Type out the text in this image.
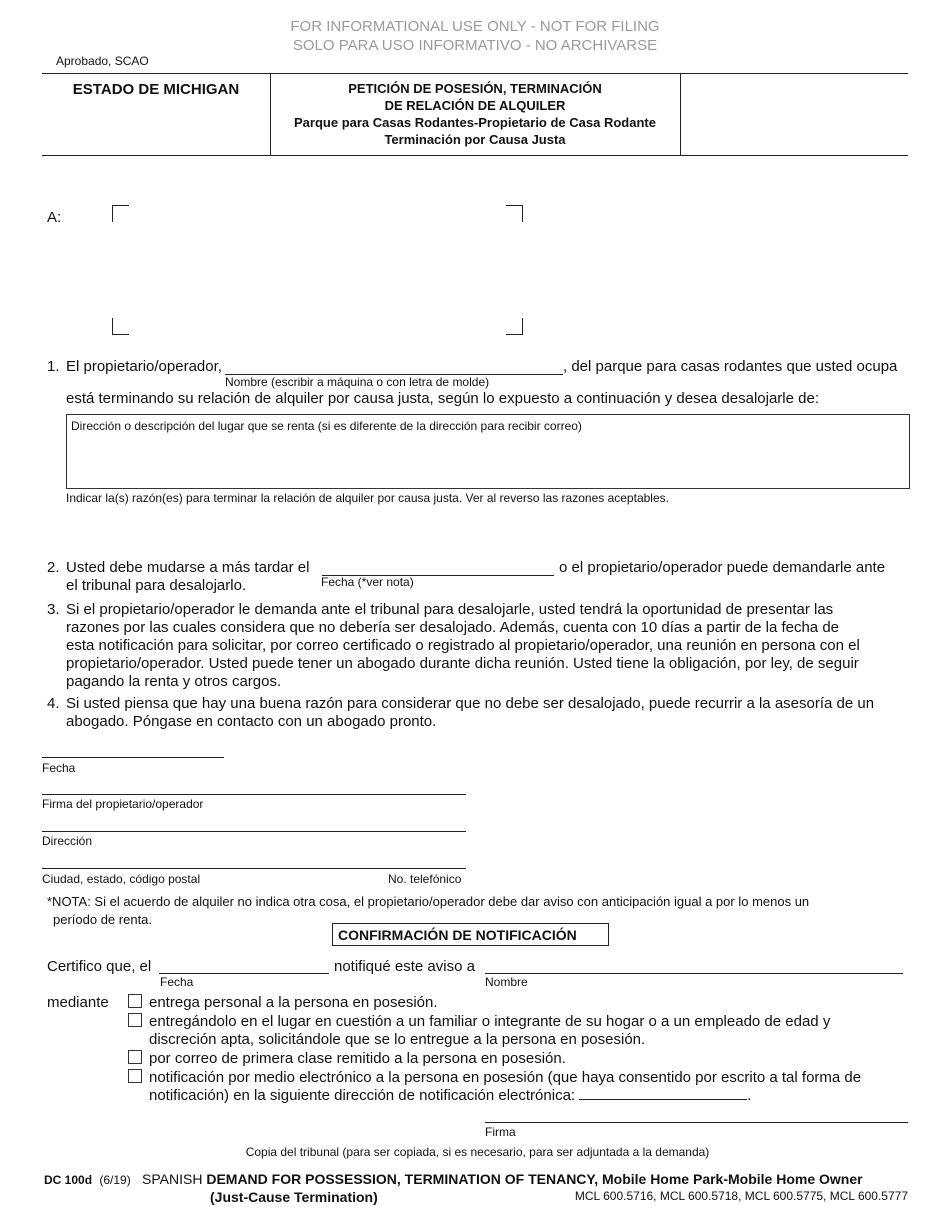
FOR INFORMATIONAL USE ONLY - NOT FOR FILING
SOLO PARA USO INFORMATIVO - NO ARCHIVARSE
Aprobado, SCAO
ESTADO DE MICHIGAN	PETICIÓN DE POSESIÓN, TERMINACIÓN
DE RELACIÓN DE ALQUILER
Parque para Casas Rodantes-Propietario de Casa Rodante
Terminación por Causa Justa
A:
1. El propietario/operador,	, del parque para casas rodantes que usted ocupa
Nombre (escribir a máquina o con letra de molde)
está terminando su relación de alquiler por causa justa, según lo expuesto a continuación y desea desalojarle de:
Dirección o descripción del lugar que se renta (si es diferente de la dirección para recibir correo)
Indicar la(s) razón(es) para terminar la relación de alquiler por causa justa. Ver al reverso las razones aceptables.
2. Usted debe mudarse a más tardar el	o el propietario/operador puede demandarle ante
Fecha (*ver nota)
el tribunal para desalojarlo.
3. Si el propietario/operador le demanda ante el tribunal para desalojarle, usted tendrá la oportunidad de presentar las
razones por las cuales considera que no debería ser desalojado. Además, cuenta con 10 días a partir de la fecha de
esta notificación para solicitar, por correo certificado o registrado al propietario/operador, una reunión en persona con el
propietario/operador. Usted puede tener un abogado durante dicha reunión. Usted tiene la obligación, por ley, de seguir
pagando la renta y otros cargos.
4. Si usted piensa que hay una buena razón para considerar que no debe ser desalojado, puede recurrir a la asesoría de un
abogado. Póngase en contacto con un abogado pronto.
Fecha
Firma del propietario/operador
Dirección
Ciudad, estado, código postal	No. telefónico
*NOTA: Si el acuerdo de alquiler no indica otra cosa, el propietario/operador debe dar aviso con anticipación igual a por lo menos un
período de renta.
CONFIRMACIÓN DE NOTIFICACIÓN
Certifico que, el	notifiqué este aviso a
Fecha	Nombre
mediante	entrega personal a la persona en posesión.
entregándolo en el lugar en cuestión a un familiar o integrante de su hogar o a un empleado de edad y
discreción apta, solicitándole que se lo entregue a la persona en posesión.
por correo de primera clase remitido a la persona en posesión.
notificación por medio electrónico a la persona en posesión (que haya consentido por escrito a tal forma de
notificación) en la siguiente dirección de notificación electrónica:	.
Firma
Copia del tribunal (para ser copiada, si es necesario, para ser adjuntada a la demanda)
DC 100d (6/19) SPANISH DEMAND FOR POSSESSION, TERMINATION OF TENANCY, Mobile Home Park-Mobile Home Owner
(Just-Cause Termination)	MCL 600.5716, MCL 600.5718, MCL 600.5775, MCL 600.5777
